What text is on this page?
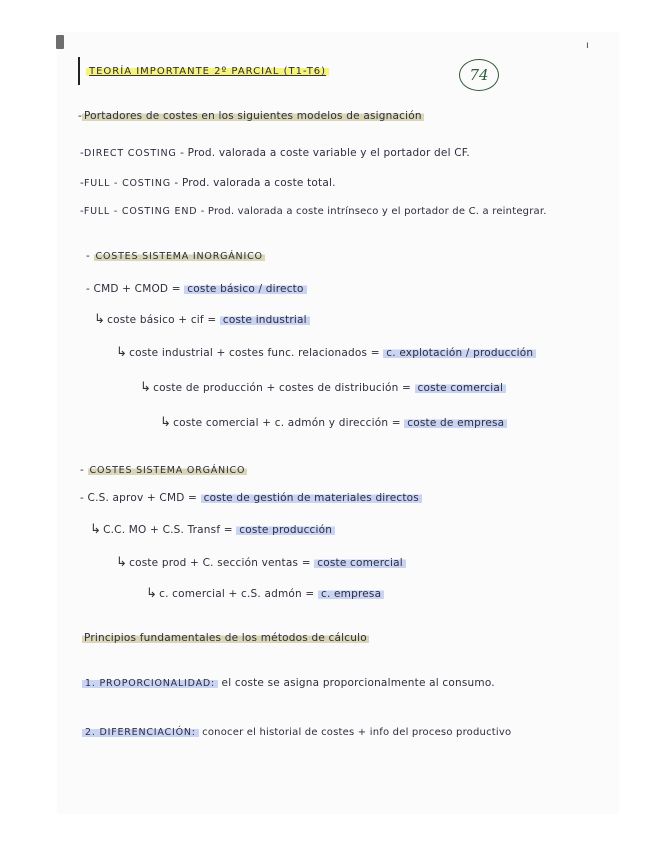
ı
TEORÍA IMPORTANTE 2º PARCIAL (T1-T6)	74
- Portadores de costes en los siguientes modelos de asignación
-DIRECT COSTING - Prod. valorada a coste variable y el portador del CF.
-FULL - COSTING - Prod. valorada a coste total.
-FULL - COSTING END - Prod. valorada a coste intrínseco y el portador de C. a reintegrar.
- COSTES SISTEMA INORGÁNICO
- CMD + CMOD = coste básico / directo
↳ coste básico + cif = coste industrial
↳ coste industrial + costes func. relacionados = c. explotación / producción
↳ coste de producción + costes de distribución = coste comercial
↳ coste comercial + c. admón y dirección = coste de empresa
- COSTES SISTEMA ORGÁNICO
- C.S. aprov + CMD = coste de gestión de materiales directos
↳ C.C. MO + C.S. Transf = coste producción
↳ coste prod + C. sección ventas = coste comercial
↳ c. comercial + c.S. admón = c. empresa
Principios fundamentales de los métodos de cálculo
1. PROPORCIONALIDAD: el coste se asigna proporcionalmente al consumo.
2. DIFERENCIACIÓN: conocer el historial de costes + info del proceso productivo
